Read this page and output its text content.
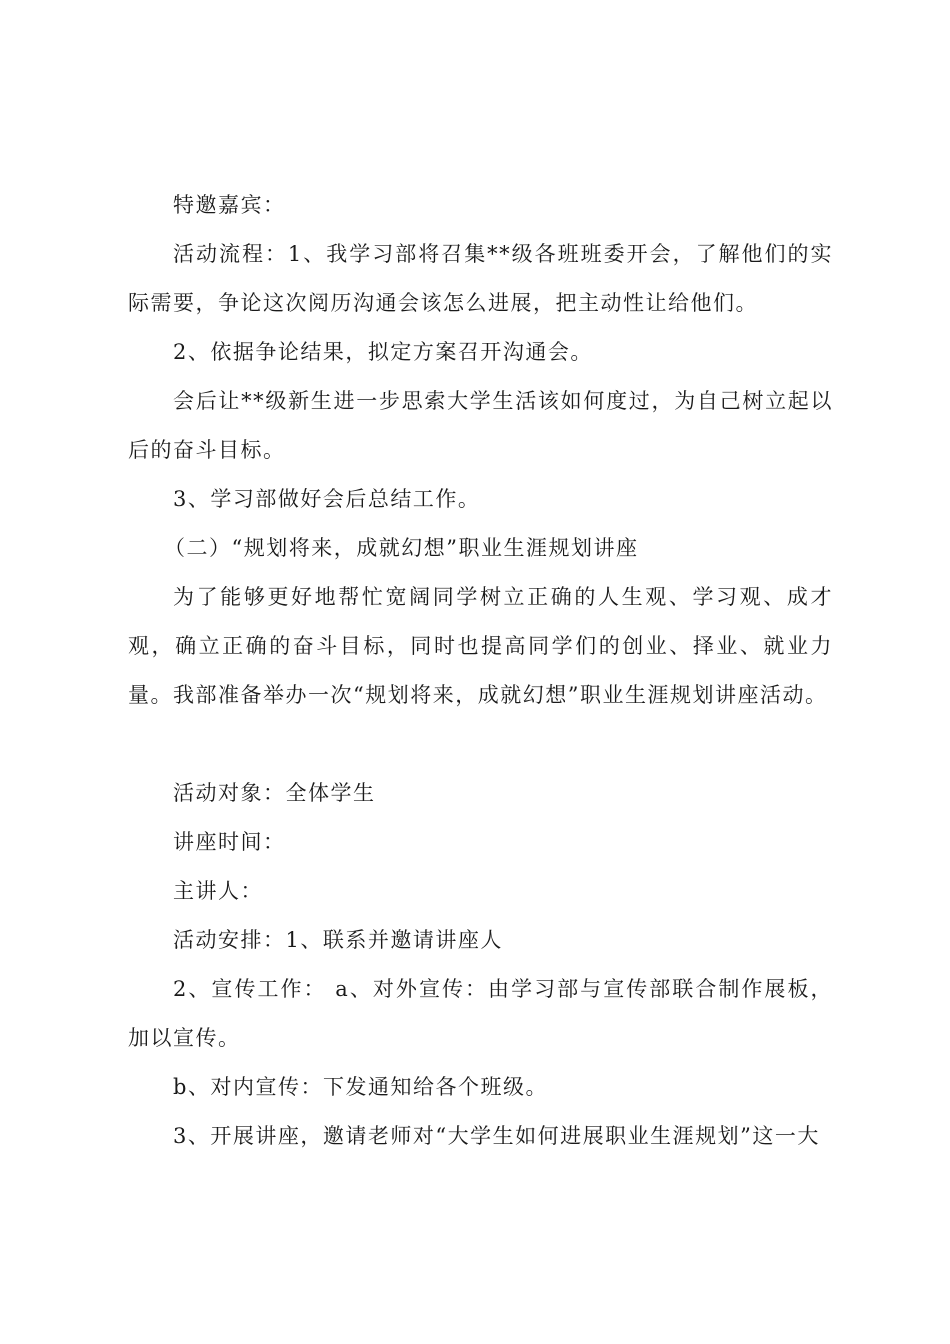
特邀嘉宾：

活动流程：1、我学习部将召集**级各班班委开会，了解他们的实际需要，争论这次阅历沟通会该怎么进展，把主动性让给他们。

2、依据争论结果，拟定方案召开沟通会。

会后让**级新生进一步思索大学生活该如何度过，为自己树立起以后的奋斗目标。

3、学习部做好会后总结工作。

（二）“规划将来，成就幻想”职业生涯规划讲座

为了能够更好地帮忙宽阔同学树立正确的人生观、学习观、成才观，确立正确的奋斗目标，同时也提高同学们的创业、择业、就业力量。我部准备举办一次“规划将来，成就幻想”职业生涯规划讲座活动。

活动对象：全体学生

讲座时间：

主讲人：

活动安排：1、联系并邀请讲座人

2、宣传工作： a、对外宣传：由学习部与宣传部联合制作展板，加以宣传。

b、对内宣传：下发通知给各个班级。

3、开展讲座，邀请老师对“大学生如何进展职业生涯规划”这一大
